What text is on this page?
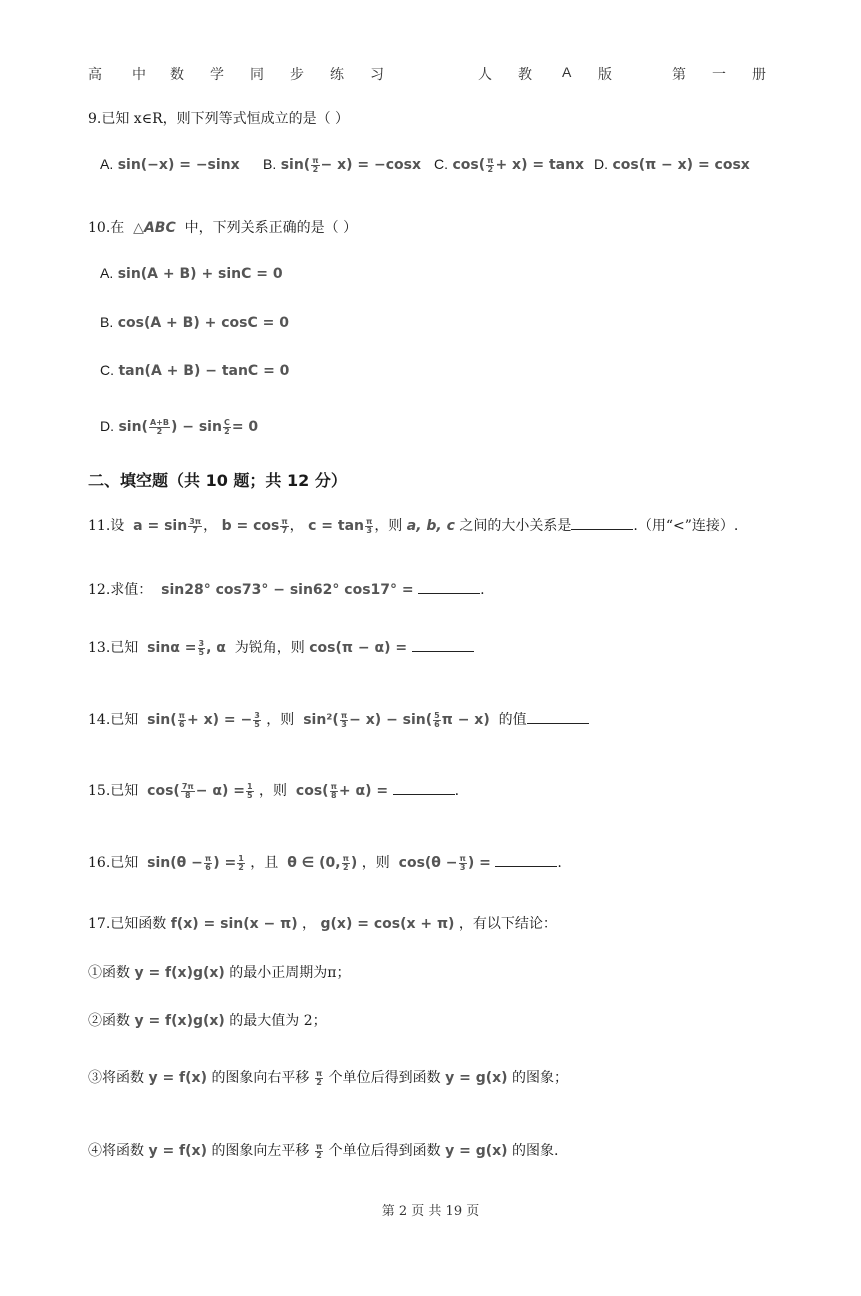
高 中 数 学 同 步 练 习	人 教 A 版	第 一 册
9.已知 x∈R，则下列等式恒成立的是（ ）
A. sin(−x) = −sinx B. $\sin( \frac{\pi}{2} - x) = -\cos x$ C. $\cos( \frac{\pi}{2} + x) = \tan x$ D. cos(π − x) = cosx
10.在 △ABC 中，下列关系正确的是（ ）
A. sin(A + B) + sinC = 0
B. cos(A + B) + cosC = 0
C. tan(A + B) − tanC = 0
D. $\sin( \frac{A+B}{2}$ ) − $\sin \frac{C}{2} = 0$
二、填空题（共 10 题；共 12 分）
11.设 $a = \sin \frac{3\pi}{7}$ ， $b = \cos \frac{\pi}{7}$ ， $c = \tan \frac{\pi}{3}$ ，则 a, b, c 之间的大小关系是	.（用“<”连接）.
12.求值： sin28° cos73° − sin62° cos17° =	.
13.已知 $\sin\alpha = \frac{3}{5}$ , α 为锐角，则 cos(π − α) =
14.已知 $\sin( \frac{\pi}{6} + x)$ = − $\frac{3}{5}$ ，则 $\sin^2( \frac{\pi}{3} - x) - \sin( \frac{5}{6}$ π − x) 的值
15.已知 $\cos( \frac{7\pi}{8} - \alpha) = \frac{1}{5}$ ，则 $\cos( \frac{\pi}{8} + \alpha)$ =	.
16.已知 $\sin(\theta - \frac{\pi}{6}$ ) = $\frac{1}{2}$ ，且 θ ∈ (0, $\frac{\pi}{2}$ ) ，则 $\cos(\theta - \frac{\pi}{3}$ ) =	.
17.已知函数 f(x) = sin(x − π) ， g(x) = cos(x + π) ，有以下结论：
①函数 y = f(x)g(x) 的最小正周期为π；
②函数 y = f(x)g(x) 的最大值为 2；
③将函数 y = f(x) 的图象向右平移 $\frac{\pi}{2}$ 个单位后得到函数 y = g(x) 的图象；
④将函数 y = f(x) 的图象向左平移 $\frac{\pi}{2}$ 个单位后得到函数 y = g(x) 的图象.
第 2 页 共 19 页
